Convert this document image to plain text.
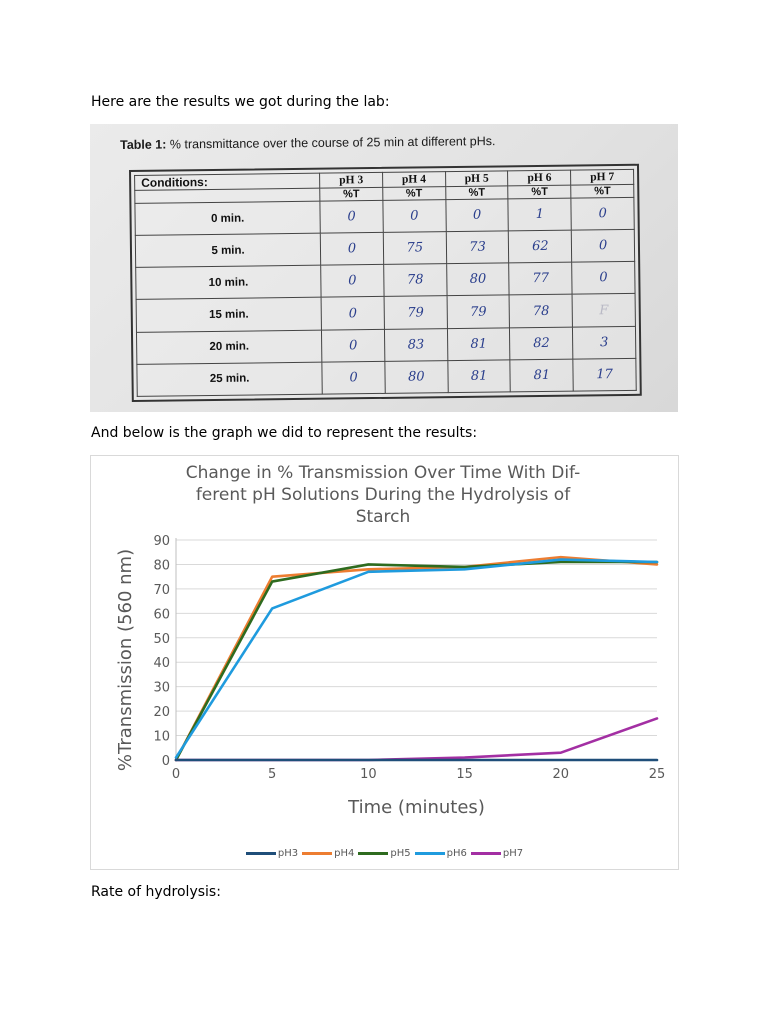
Here are the results we got during the lab:
Table 1: % transmittance over the course of 25 min at different pHs.
Conditions:	pH 3	pH 4	pH 5	pH 6	pH 7
	%T	%T	%T	%T	%T
0 min.	0	0	0	1	0
5 min.	0	75	73	62	0
10 min.	0	78	80	77	0
15 min.	0	79	79	78	F
20 min.	0	83	81	82	3
25 min.	0	80	81	81	17
And below is the graph we did to represent the results:
Change in % Transmission Over Time With Dif-
ferent pH Solutions During the Hydrolysis of
Starch
0
10
20
30
40
50
60
70
80
90
0	5	10	15	20	25
Time (minutes)
%Transmission (560 nm)
pH3	pH4	pH5	pH6	pH7
Rate of hydrolysis:
